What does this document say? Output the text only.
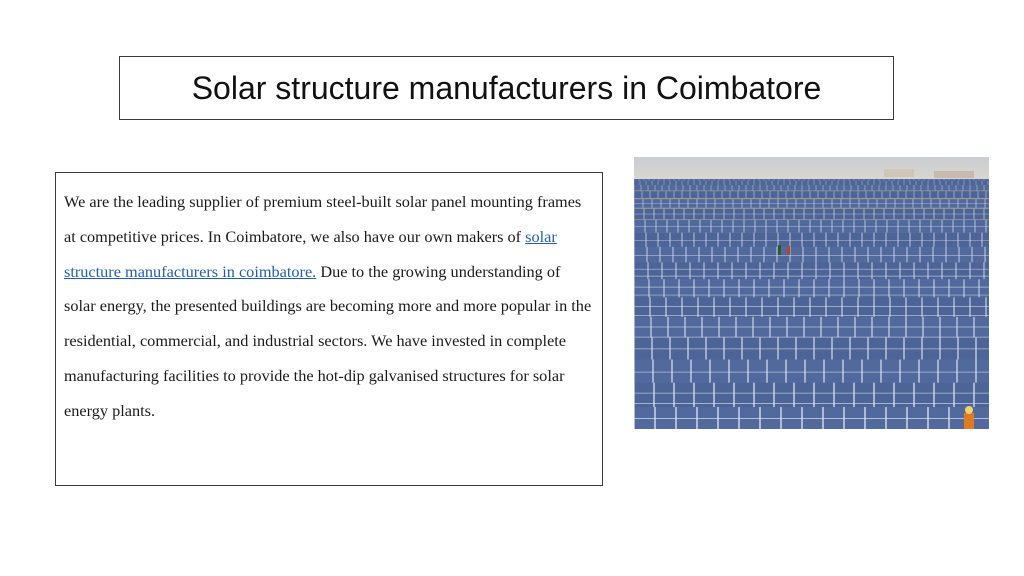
Solar structure manufacturers in Coimbatore

We are the leading supplier of premium steel-built solar panel mounting frames at competitive prices. In Coimbatore, we also have our own makers of solar structure manufacturers in coimbatore. Due to the growing understanding of solar energy, the presented buildings are becoming more and more popular in the residential, commercial, and industrial sectors. We have invested in complete manufacturing facilities to provide the hot-dip galvanised structures for solar energy plants.
